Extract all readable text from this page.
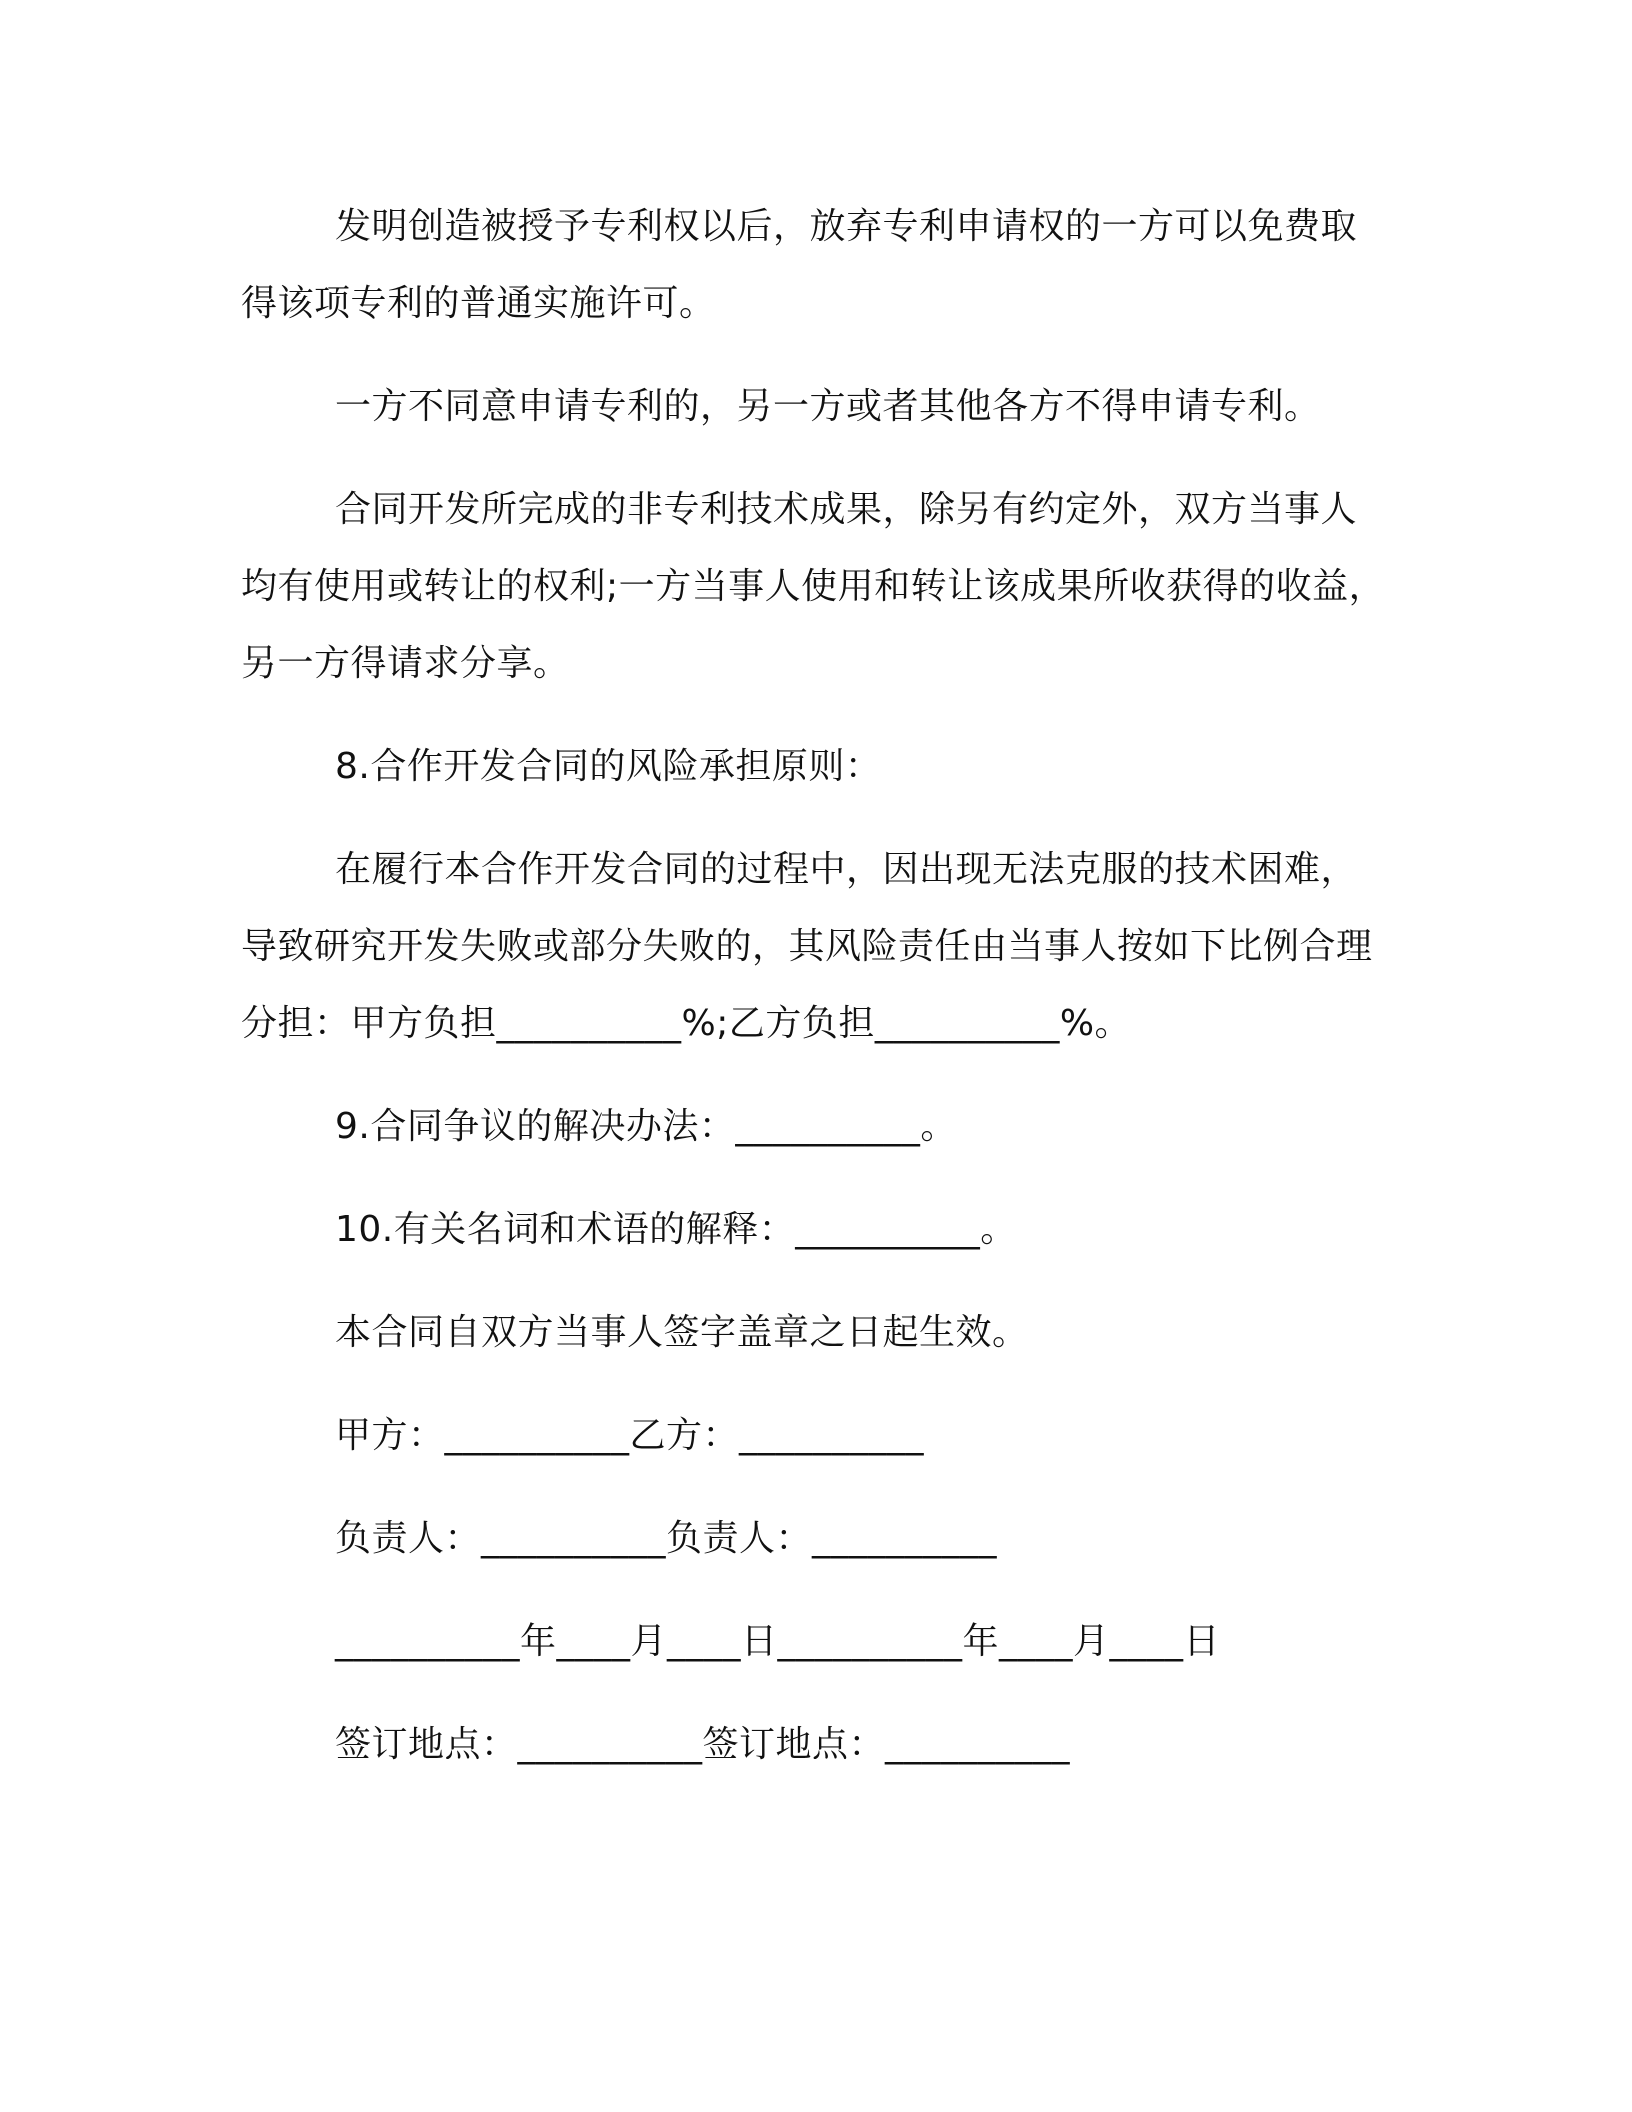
发明创造被授予专利权以后，放弃专利申请权的一方可以免费取得该项专利的普通实施许可。

一方不同意申请专利的，另一方或者其他各方不得申请专利。

合同开发所完成的非专利技术成果，除另有约定外，双方当事人均有使用或转让的权利;一方当事人使用和转让该成果所收获得的收益，另一方得请求分享。

8.合作开发合同的风险承担原则：

在履行本合作开发合同的过程中，因出现无法克服的技术困难，导致研究开发失败或部分失败的，其风险责任由当事人按如下比例合理分担：甲方负担__________%;乙方负担__________%。

9.合同争议的解决办法：__________。

10.有关名词和术语的解释：__________。

本合同自双方当事人签字盖章之日起生效。

甲方：__________乙方：__________

负责人：__________负责人：__________

__________年____月____日__________年____月____日

签订地点：__________签订地点：__________
